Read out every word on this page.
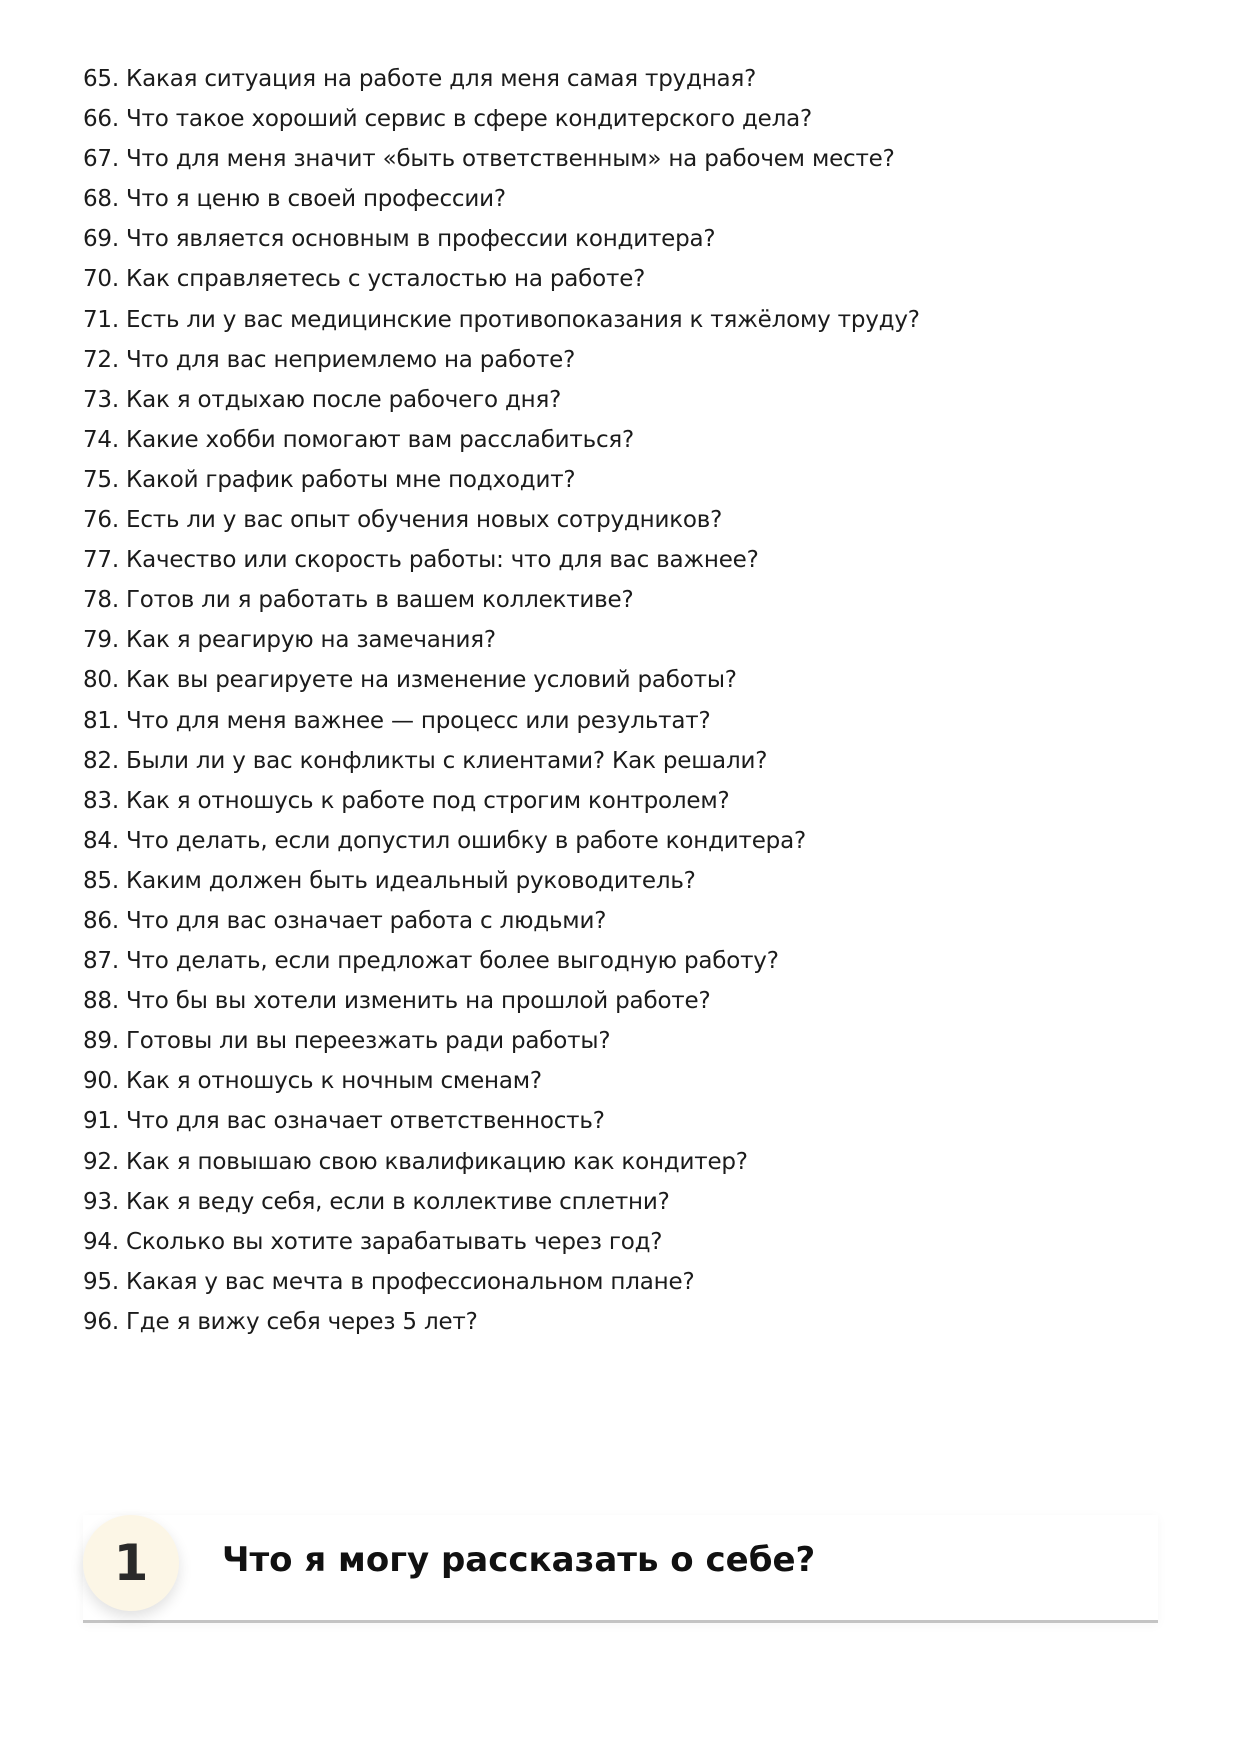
65. Какая ситуация на работе для меня самая трудная?
66. Что такое хороший сервис в сфере кондитерского дела?
67. Что для меня значит «быть ответственным» на рабочем месте?
68. Что я ценю в своей профессии?
69. Что является основным в профессии кондитера?
70. Как справляетесь с усталостью на работе?
71. Есть ли у вас медицинские противопоказания к тяжёлому труду?
72. Что для вас неприемлемо на работе?
73. Как я отдыхаю после рабочего дня?
74. Какие хобби помогают вам расслабиться?
75. Какой график работы мне подходит?
76. Есть ли у вас опыт обучения новых сотрудников?
77. Качество или скорость работы: что для вас важнее?
78. Готов ли я работать в вашем коллективе?
79. Как я реагирую на замечания?
80. Как вы реагируете на изменение условий работы?
81. Что для меня важнее — процесс или результат?
82. Были ли у вас конфликты с клиентами? Как решали?
83. Как я отношусь к работе под строгим контролем?
84. Что делать, если допустил ошибку в работе кондитера?
85. Каким должен быть идеальный руководитель?
86. Что для вас означает работа с людьми?
87. Что делать, если предложат более выгодную работу?
88. Что бы вы хотели изменить на прошлой работе?
89. Готовы ли вы переезжать ради работы?
90. Как я отношусь к ночным сменам?
91. Что для вас означает ответственность?
92. Как я повышаю свою квалификацию как кондитер?
93. Как я веду себя, если в коллективе сплетни?
94. Сколько вы хотите зарабатывать через год?
95. Какая у вас мечта в профессиональном плане?
96. Где я вижу себя через 5 лет?
1	Что я могу рассказать о себе?
